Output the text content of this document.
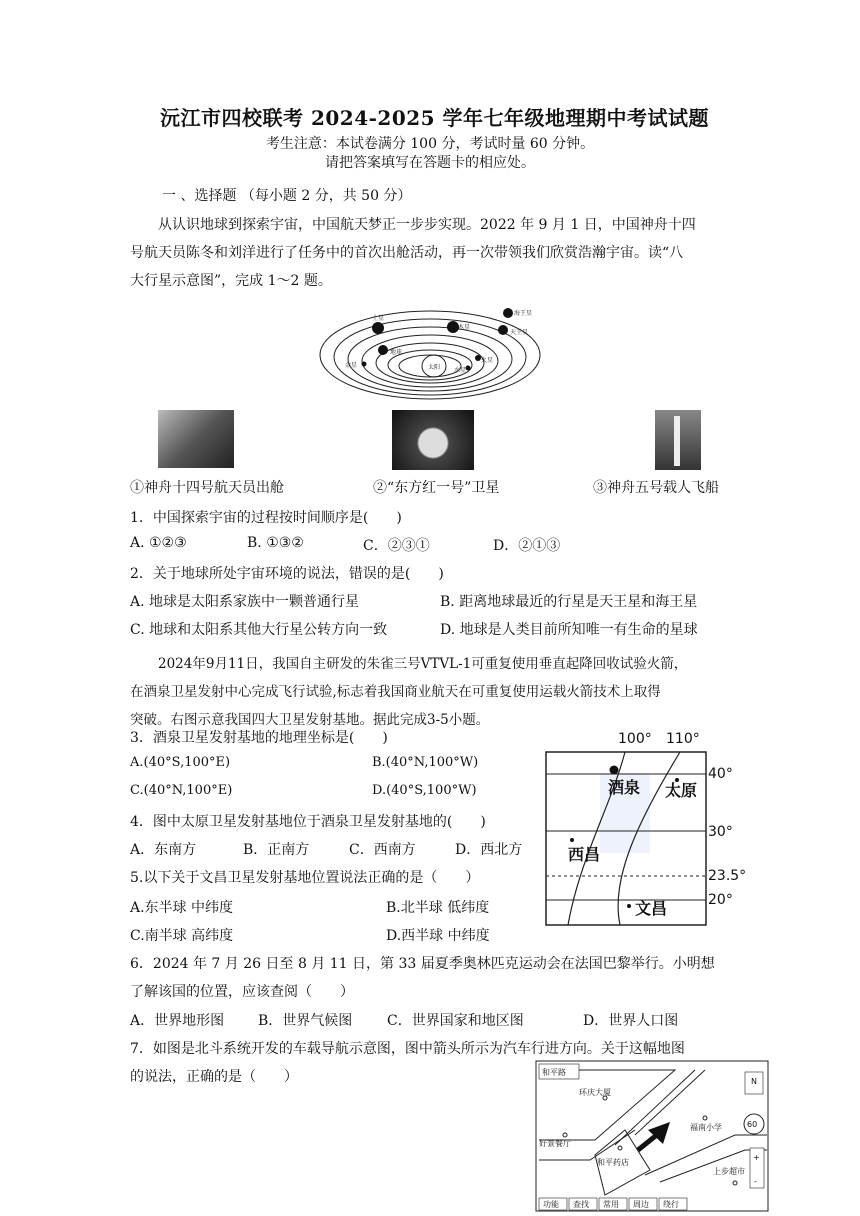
沅江市四校联考 2024-2025 学年七年级地理期中考试试题
考生注意：本试卷满分 100 分，考试时量 60 分钟。
请把答案填写在答题卡的相应处。
一 、选择题 （每小题 2 分，共 50 分）
从认识地球到探索宇宙，中国航天梦正一步步实现。2022 年 9 月 1 日，中国神舟十四
号航天员陈冬和刘洋进行了任务中的首次出舱活动，再一次带领我们欣赏浩瀚宇宙。读“八
大行星示意图”，完成 1～2 题。
太阳
土星
木星
海王星
天王星
火星
金星
地球
水星
①神舟十四号航天员出舱	②“东方红一号”卫星	③神舟五号载人飞船
1．中国探索宇宙的过程按时间顺序是(　　)
A. ①②③	B. ①③②	C．②③①	D．②①③
2．关于地球所处宇宙环境的说法，错误的是(　　)
A. 地球是太阳系家族中一颗普通行星	B. 距离地球最近的行星是天王星和海王星
C. 地球和太阳系其他大行星公转方向一致	D. 地球是人类目前所知唯一有生命的星球
2024年9月11日，我国自主研发的朱雀三号VTVL-1可重复使用垂直起降回收试验火箭，
在酒泉卫星发射中心完成飞行试验,标志着我国商业航天在可重复使用运载火箭技术上取得
突破。右图示意我国四大卫星发射基地。据此完成3-5小题。
3．酒泉卫星发射基地的地理坐标是(　　)
A.(40°S,100°E)	B.(40°N,100°W)
C.(40°N,100°E)	D.(40°S,100°W)
4．图中太原卫星发射基地位于酒泉卫星发射基地的(　　)
A．东南方	B．正南方	C．西南方	D．西北方
5.以下关于文昌卫星发射基地位置说法正确的是（　　）
A.东半球 中纬度	B.北半球 低纬度
C.南半球 高纬度	D.西半球 中纬度
100° 110°
40°
30°
23.5°
20°
酒泉 太原
西昌
文昌
6．2024 年 7 月 26 日至 8 月 11 日，第 33 届夏季奥林匹克运动会在法国巴黎举行。小明想
了解该国的位置，应该查阅（　　）
A．世界地形图 B．世界气候图 C．世界国家和地区图	D．世界人口图
7．如图是北斗系统开发的车载导航示意图，图中箭头所示为汽车行进方向。关于这幅地图
的说法，正确的是（　　）	和平路
环庆大厦
福南小学
好景餐厅
和平药店
上步超市
N
60
+
-
功能 查找 常用 周边 绕行
